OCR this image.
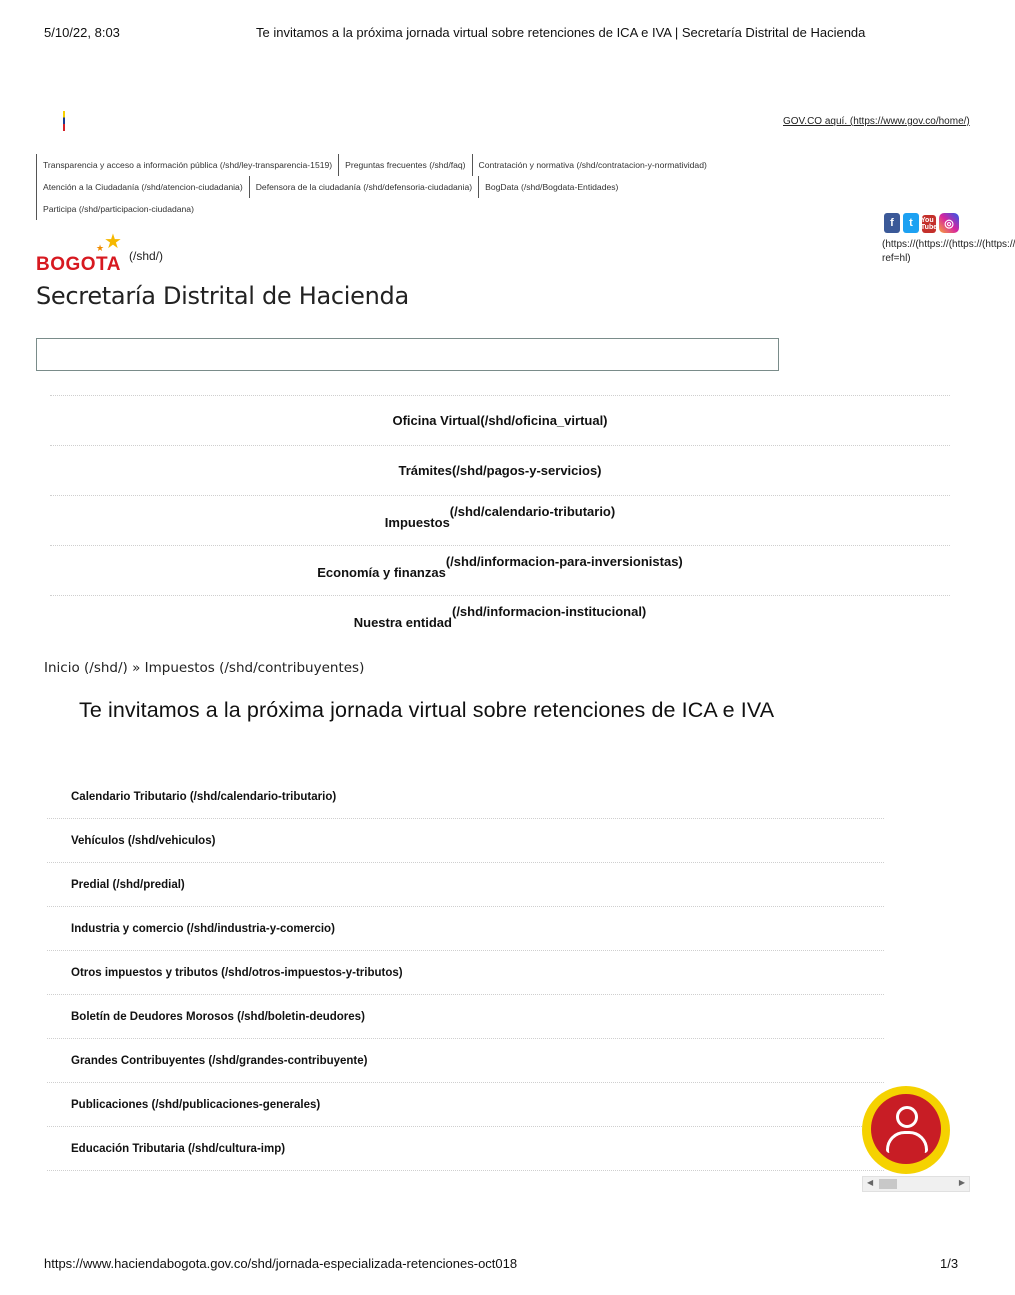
5/10/22, 8:03	Te invitamos a la próxima jornada virtual sobre retenciones de ICA e IVA | Secretaría Distrital de Hacienda
GOV.CO aquí. (https://www.gov.co/home/)
Transparencia y acceso a información pública (/shd/ley-transparencia-1519) Preguntas frecuentes (/shd/faq) Contratación y normativa (/shd/contratacion-y-normatividad)
Atención a la Ciudadanía (/shd/atencion-ciudadania) Defensora de la ciudadanía (/shd/defensoria-ciudadania) BogData (/shd/Bogdata-Entidades)
Participa (/shd/participacion-ciudadana)
f	t	You Tube ◎
(https://(https://(https://(https://
ref=hl)
★
★
BOGOTA (/shd/)
Secretaría Distrital de Hacienda
Oficina Virtual (/shd/oficina_virtual)
Trámites (/shd/pagos-y-servicios)
Impuestos
(/shd/calendario-tributario)
Economía y finanzas
(/shd/informacion-para-inversionistas)
Nuestra entidad
(/shd/informacion-institucional)
Inicio (/shd/) » Impuestos (/shd/contribuyentes)
Te invitamos a la próxima jornada virtual sobre retenciones de ICA e IVA
Calendario Tributario (/shd/calendario-tributario)
Vehículos (/shd/vehiculos)
Predial (/shd/predial)
Industria y comercio (/shd/industria-y-comercio)
Otros impuestos y tributos (/shd/otros-impuestos-y-tributos)
Boletín de Deudores Morosos (/shd/boletin-deudores)
Grandes Contribuyentes (/shd/grandes-contribuyente)
Publicaciones (/shd/publicaciones-generales)
Educación Tributaria (/shd/cultura-imp)
◀	▶
https://www.haciendabogota.gov.co/shd/jornada-especializada-retenciones-oct018	1/3
